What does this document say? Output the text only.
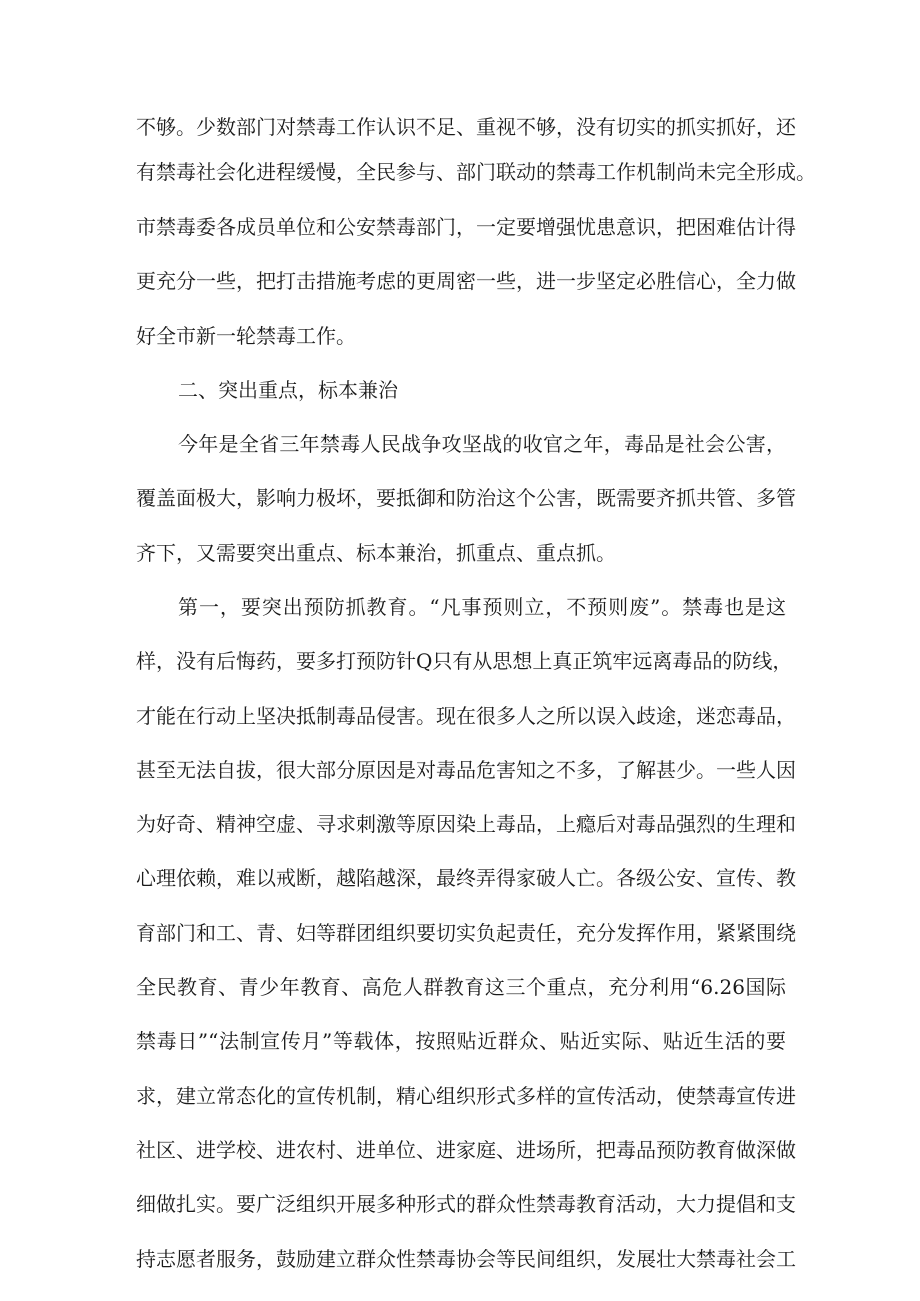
不够。少数部门对禁毒工作认识不足、重视不够，没有切实的抓实抓好，还
有禁毒社会化进程缓慢，全民参与、部门联动的禁毒工作机制尚未完全形成。
市禁毒委各成员单位和公安禁毒部门，一定要增强忧患意识，把困难估计得
更充分一些，把打击措施考虑的更周密一些，进一步坚定必胜信心，全力做
好全市新一轮禁毒工作。
二、突出重点，标本兼治
今年是全省三年禁毒人民战争攻坚战的收官之年，毒品是社会公害，
覆盖面极大，影响力极坏，要抵御和防治这个公害，既需要齐抓共管、多管
齐下，又需要突出重点、标本兼治，抓重点、重点抓。
第一，要突出预防抓教育。“凡事预则立，不预则废”。禁毒也是这
样，没有后悔药，要多打预防针Q只有从思想上真正筑牢远离毒品的防线，
才能在行动上坚决抵制毒品侵害。现在很多人之所以误入歧途，迷恋毒品，
甚至无法自拔，很大部分原因是对毒品危害知之不多，了解甚少。一些人因
为好奇、精神空虚、寻求刺激等原因染上毒品，上瘾后对毒品强烈的生理和
心理依赖，难以戒断，越陷越深，最终弄得家破人亡。各级公安、宣传、教
育部门和工、青、妇等群团组织要切实负起责任，充分发挥作用，紧紧围绕
全民教育、青少年教育、高危人群教育这三个重点，充分利用“6.26国际
禁毒日”“法制宣传月”等载体，按照贴近群众、贴近实际、贴近生活的要
求，建立常态化的宣传机制，精心组织形式多样的宣传活动，使禁毒宣传进
社区、进学校、进农村、进单位、进家庭、进场所，把毒品预防教育做深做
细做扎实。要广泛组织开展多种形式的群众性禁毒教育活动，大力提倡和支
持志愿者服务，鼓励建立群众性禁毒协会等民间组织，发展壮大禁毒社会工
